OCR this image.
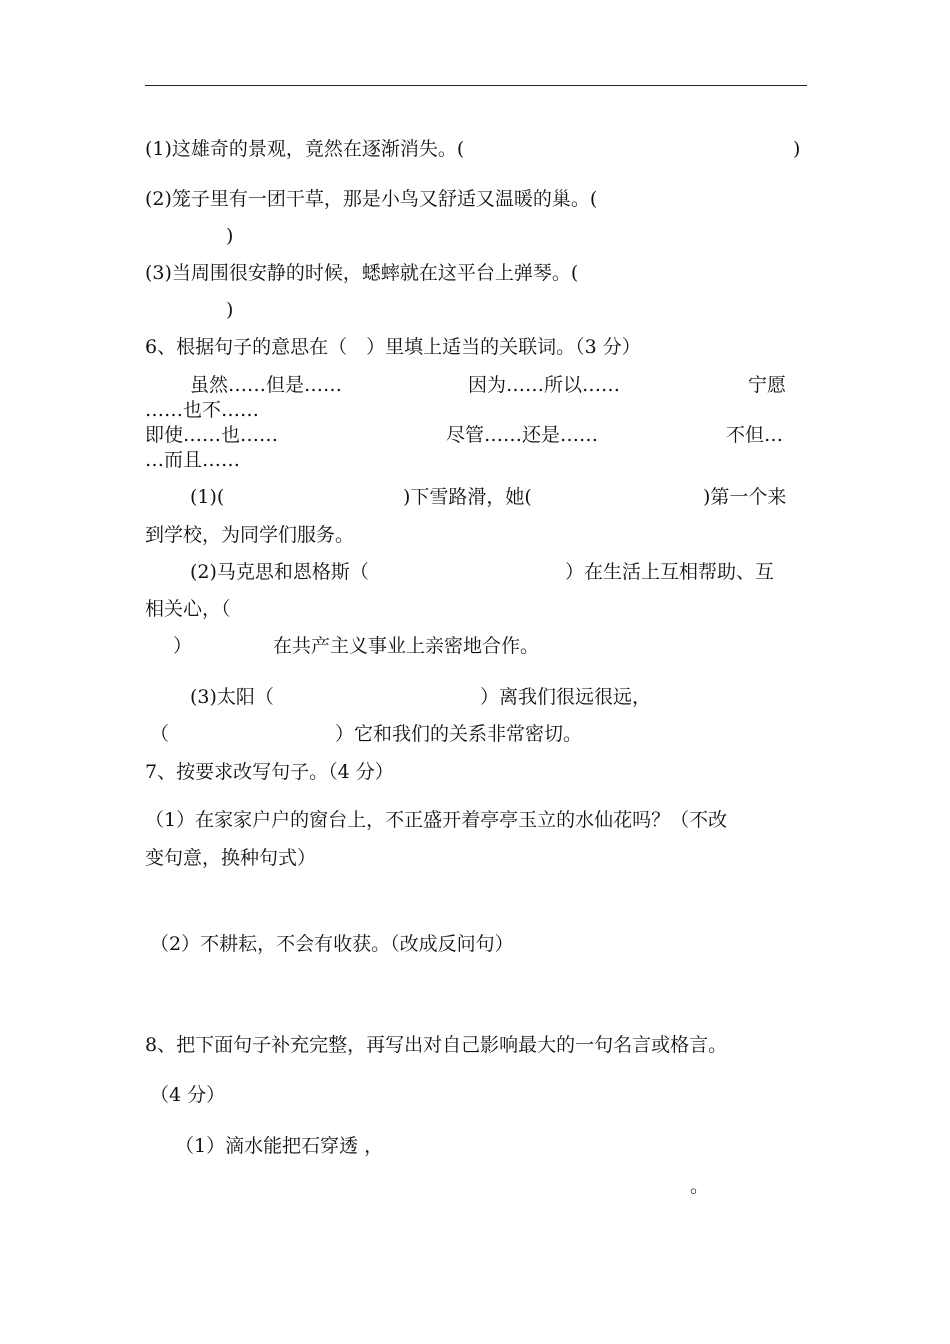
(1)这雄奇的景观，竟然在逐渐消失。(	)
(2)笼子里有一团干草，那是小鸟又舒适又温暖的巢。(
)
(3)当周围很安静的时候，蟋蟀就在这平台上弹琴。(
)
6、根据句子的意思在（　）里填上适当的关联词。（3 分）
虽然……但是……	因为……所以……	宁愿
……也不……
即使……也……	尽管……还是……	不但…
…而且……
(1)(	)下雪路滑，她(	)第一个来
到学校，为同学们服务。
(2)马克思和恩格斯（	）在生活上互相帮助、互
相关心，（
）	在共产主义事业上亲密地合作。
(3)太阳（	）离我们很远很远，
（	）它和我们的关系非常密切。
7、按要求改写句子。（4 分）
（1）在家家户户的窗台上，不正盛开着亭亭玉立的水仙花吗？（不改
变句意，换种句式）
（2）不耕耘，不会有收获。（改成反问句）
8、把下面句子补充完整，再写出对自己影响最大的一句名言或格言。
（4 分）
（1）滴水能把石穿透 ，
。
